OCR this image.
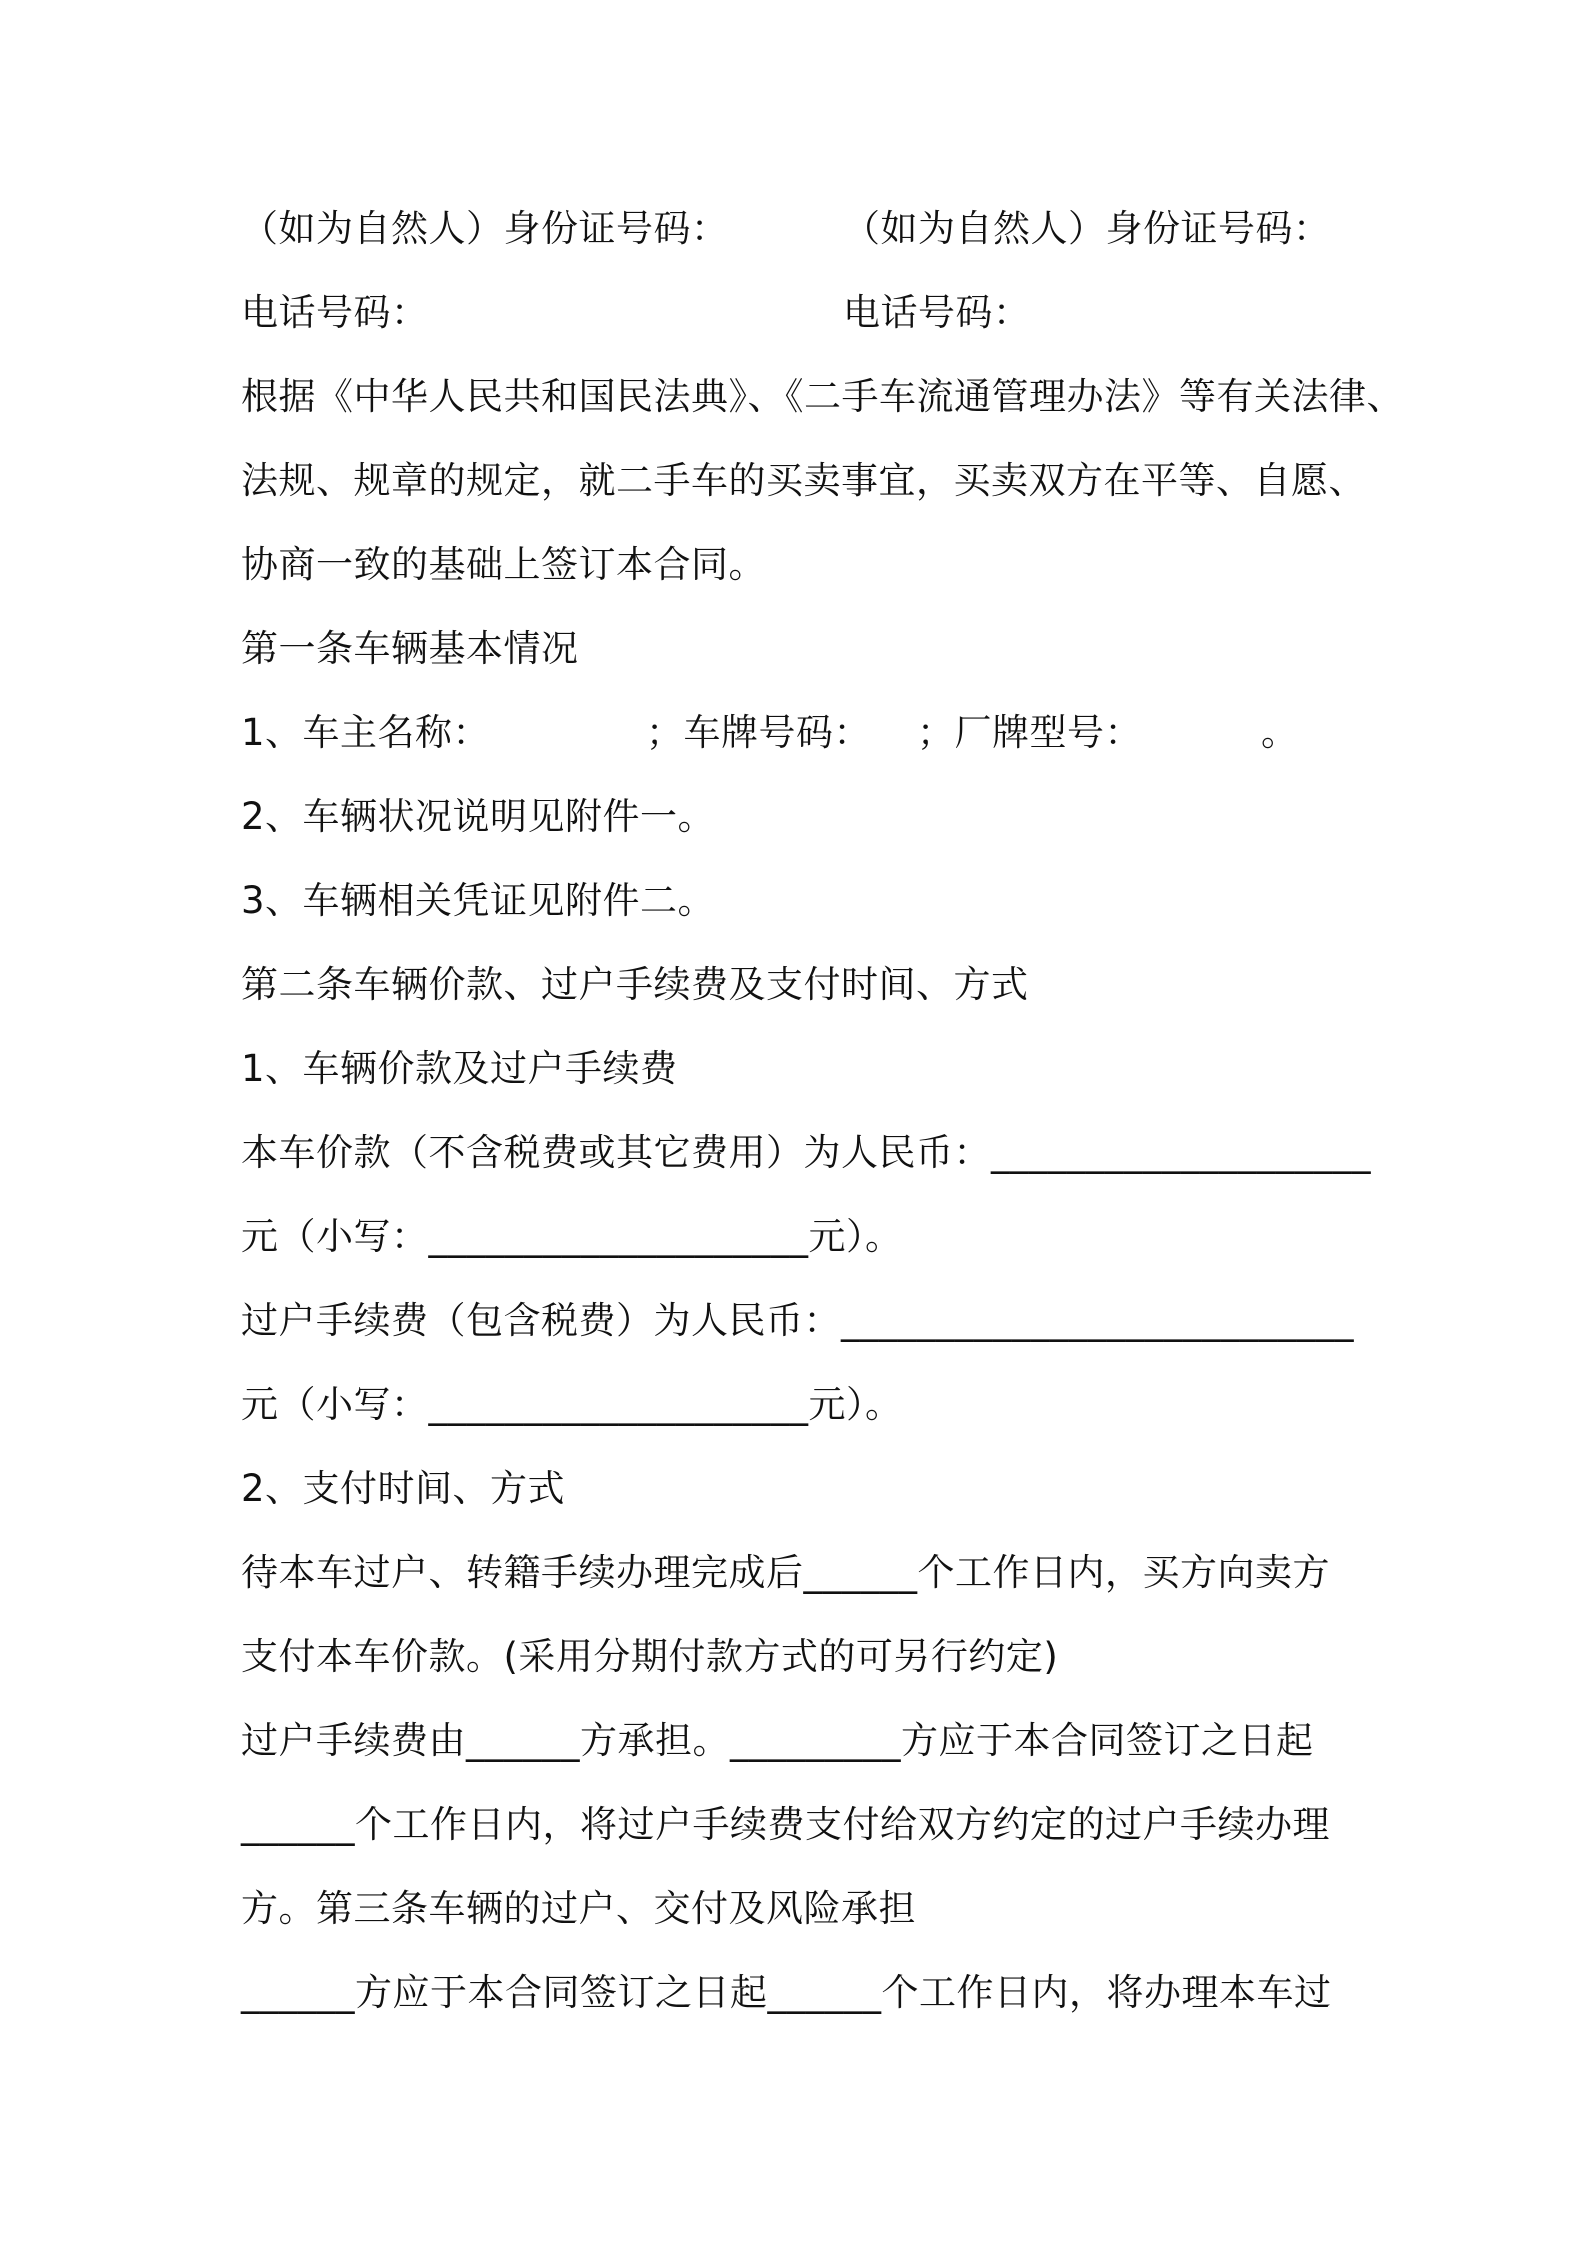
（如为自然人）身份证号码：	（如为自然人）身份证号码：
电话号码：	电话号码：
根据《中华人民共和国民法典》、《二手车流通管理办法》等有关法律、
法规、规章的规定，就二手车的买卖事宜，买卖双方在平等、自愿、
协商一致的基础上签订本合同。
第一条车辆基本情况
1、车主名称：	；车牌号码： ；厂牌型号：	。
2、车辆状况说明见附件一。
3、车辆相关凭证见附件二。
第二条车辆价款、过户手续费及支付时间、方式
1、车辆价款及过户手续费
本车价款（不含税费或其它费用）为人民币：____________________
元（小写：____________________元）。
过户手续费（包含税费）为人民币：___________________________
元（小写：____________________元）。
2、支付时间、方式
待本车过户、转籍手续办理完成后______个工作日内，买方向卖方
支付本车价款。(采用分期付款方式的可另行约定)
过户手续费由______方承担。_________方应于本合同签订之日起
______个工作日内，将过户手续费支付给双方约定的过户手续办理
方。第三条车辆的过户、交付及风险承担
______方应于本合同签订之日起______个工作日内，将办理本车过
